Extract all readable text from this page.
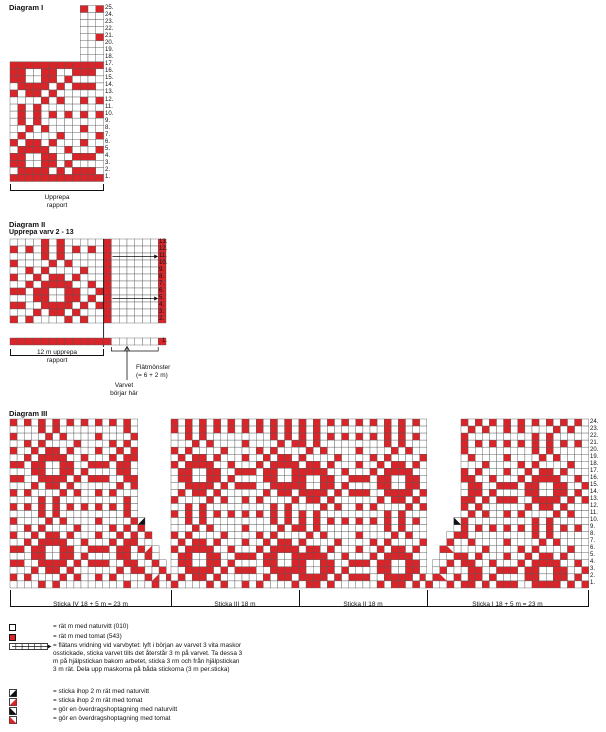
Diagram I	25.
24.
23.
22.
21.
20.
19.
18.
17.
16.
15.
14.
13.
12.
11.
10.
9.
8.
7.
6.
5.
4.
3.
2.
1.
Upprepa
rapport
Diagram II
Upprepa varv 2 - 13
13.
12.
11.
10.
9.
8.
7.
6.
5.
4.
3.
2.
1.
12 m upprepa
rapport
Flätmönster
(= 6 + 2 m)
Varvet
börjar här
Diagram III
24.
23.
22.
21.
20.
19.
18.
17.
16.
15.
14.
13.
12.
11.
10.
9.
8.
7.
6.
5.
4.
3.
2.
1.
Sticka IV 18 + 5 m = 23 m	Sticka III 18 m	Sticka II 18 m	Sticka I 18 + 5 m = 23 m
= rät m med naturvitt (010)
= rät m med tomat (543)
= flätans vridning vid varvbytet: lyft i början av varvet 3 vita maskor osstickade, sticka varvet tills det återstår 3 m på varvet. Ta dessa 3 m på hjälpstickan bakom arbetet, sticka 3 rm och från hjälpstickan 3 m rät. Dela upp maskorna på båda stickorna (3 m per.sticka)
= sticka ihop 2 m rät med naturvitt
= sticka ihop 2 m rät med tomat
= gör en överdragshoptagning med naturvitt
= gör en överdragshoptagning med tomat
